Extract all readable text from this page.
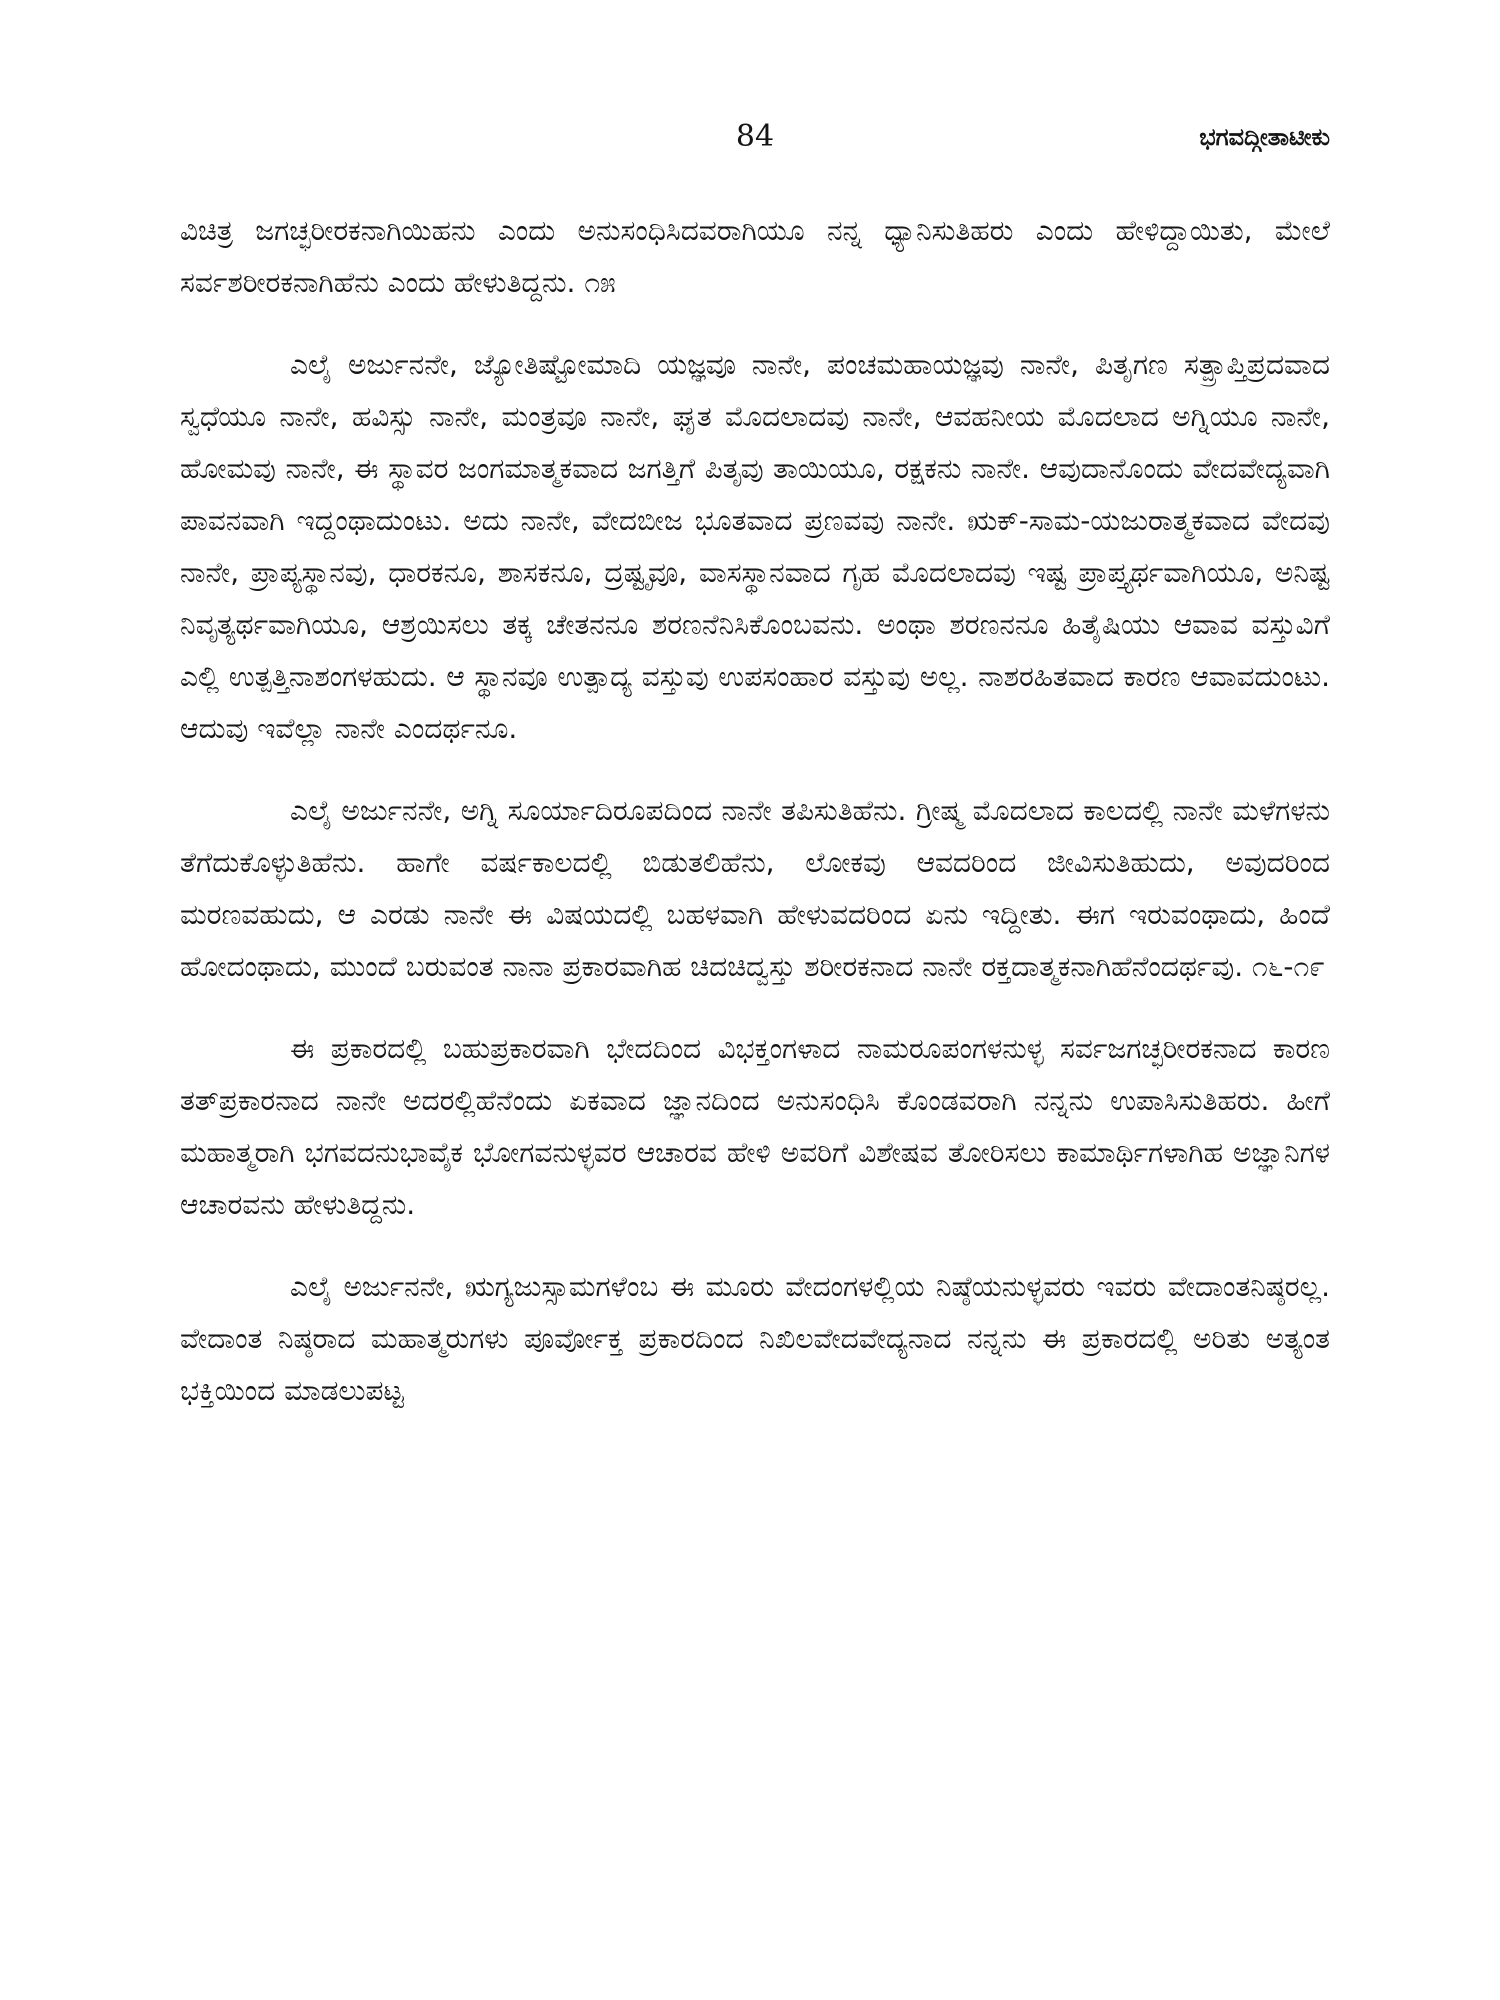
84	ಭಗವದ್ಗೀತಾಟೀಕು

ವಿಚಿತ್ರ ಜಗಚ್ಛರೀರಕನಾಗಿಯಿಹನು ಎಂದು ಅನುಸಂಧಿಸಿದವರಾಗಿಯೂ ನನ್ನ ಧ್ಯಾನಿಸುತಿಹರು ಎಂದು ಹೇಳಿದ್ದಾಯಿತು, ಮೇಲೆ ಸರ್ವಶರೀರಕನಾಗಿಹೆನು ಎಂದು ಹೇಳುತಿದ್ದನು. ೧೫

ಎಲೈ ಅರ್ಜುನನೇ, ಜ್ಯೋತಿಷ್ಟೋಮಾದಿ ಯಜ್ಞವೂ ನಾನೇ, ಪಂಚಮಹಾಯಜ್ಞವು ನಾನೇ, ಪಿತೃಗಣ ಸತ್ಪ್ರಾಪ್ತಿಪ್ರದವಾದ ಸ್ವಧೆಯೂ ನಾನೇ, ಹವಿಸ್ಸು ನಾನೇ, ಮಂತ್ರವೂ ನಾನೇ, ಘೃತ ಮೊದಲಾದವು ನಾನೇ, ಆವಹನೀಯ ಮೊದಲಾದ ಅಗ್ನಿಯೂ ನಾನೇ, ಹೋಮವು ನಾನೇ, ಈ ಸ್ಥಾವರ ಜಂಗಮಾತ್ಮಕವಾದ ಜಗತ್ತಿಗೆ ಪಿತೃವು ತಾಯಿಯೂ, ರಕ್ಷಕನು ನಾನೇ. ಆವುದಾನೊಂದು ವೇದವೇದ್ಯವಾಗಿ ಪಾವನವಾಗಿ ಇದ್ದಂಥಾದುಂಟು. ಅದು ನಾನೇ, ವೇದಬೀಜ ಭೂತವಾದ ಪ್ರಣವವು ನಾನೇ. ಋಕ್-ಸಾಮ-ಯಜುರಾತ್ಮಕವಾದ ವೇದವು ನಾನೇ, ಪ್ರಾಪ್ಯಸ್ಥಾನವು, ಧಾರಕನೂ, ಶಾಸಕನೂ, ದ್ರಷ್ಟೃವೂ, ವಾಸಸ್ಥಾನವಾದ ಗೃಹ ಮೊದಲಾದವು ಇಷ್ಟ ಪ್ರಾಪ್ತ್ಯರ್ಥವಾಗಿಯೂ, ಅನಿಷ್ಟ ನಿವೃತ್ಯರ್ಥವಾಗಿಯೂ, ಆಶ್ರಯಿಸಲು ತಕ್ಕ ಚೇತನನೂ ಶರಣನೆನಿಸಿಕೊಂಬವನು. ಅಂಥಾ ಶರಣನನೂ ಹಿತೈಷಿಯು ಆವಾವ ವಸ್ತುವಿಗೆ ಎಲ್ಲಿ ಉತ್ಪತ್ತಿನಾಶಂಗಳಹುದು. ಆ ಸ್ಥಾನವೂ ಉತ್ಪಾದ್ಯ ವಸ್ತುವು ಉಪಸಂಹಾರ ವಸ್ತುವು ಅಲ್ಲ. ನಾಶರಹಿತವಾದ ಕಾರಣ ಆವಾವದುಂಟು. ಆದುವು ಇವೆಲ್ಲಾ ನಾನೇ ಎಂದರ್ಥನೂ.

ಎಲೈ ಅರ್ಜುನನೇ, ಅಗ್ನಿ ಸೂರ್ಯಾದಿರೂಪದಿಂದ ನಾನೇ ತಪಿಸುತಿಹೆನು. ಗ್ರೀಷ್ಮ ಮೊದಲಾದ ಕಾಲದಲ್ಲಿ ನಾನೇ ಮಳೆಗಳನು ತೆಗೆದುಕೊಳ್ಳುತಿಹೆನು. ಹಾಗೇ ವರ್ಷಕಾಲದಲ್ಲಿ ಬಿಡುತಲಿಹೆನು, ಲೋಕವು ಆವದರಿಂದ ಜೀವಿಸುತಿಹುದು, ಅವುದರಿಂದ ಮರಣವಹುದು, ಆ ಎರಡು ನಾನೇ ಈ ವಿಷಯದಲ್ಲಿ ಬಹಳವಾಗಿ ಹೇಳುವದರಿಂದ ಏನು ಇದ್ದೀತು. ಈಗ ಇರುವಂಥಾದು, ಹಿಂದೆ ಹೋದಂಥಾದು, ಮುಂದೆ ಬರುವಂತ ನಾನಾ ಪ್ರಕಾರವಾಗಿಹ ಚಿದಚಿದ್ವಸ್ತು ಶರೀರಕನಾದ ನಾನೇ ರಕ್ತದಾತ್ಮಕನಾಗಿಹೆನೆಂದರ್ಥವು. ೧೬-೧೯

ಈ ಪ್ರಕಾರದಲ್ಲಿ ಬಹುಪ್ರಕಾರವಾಗಿ ಭೇದದಿಂದ ವಿಭಕ್ತಂಗಳಾದ ನಾಮರೂಪಂಗಳನುಳ್ಳ ಸರ್ವಜಗಚ್ಛರೀರಕನಾದ ಕಾರಣ ತತ್‌ಪ್ರಕಾರನಾದ ನಾನೇ ಅದರಲ್ಲಿಹೆನೆಂದು ಏಕವಾದ ಜ್ಞಾನದಿಂದ ಅನುಸಂಧಿಸಿ ಕೊಂಡವರಾಗಿ ನನ್ನನು ಉಪಾಸಿಸುತಿಹರು. ಹೀಗೆ ಮಹಾತ್ಮರಾಗಿ ಭಗವದನುಭಾವೈಕ ಭೋಗವನುಳ್ಳವರ ಆಚಾರವ ಹೇಳಿ ಅವರಿಗೆ ವಿಶೇಷವ ತೋರಿಸಲು ಕಾಮಾರ್ಥಿಗಳಾಗಿಹ ಅಜ್ಞಾನಿಗಳ ಆಚಾರವನು ಹೇಳುತಿದ್ದನು.

ಎಲೈ ಅರ್ಜುನನೇ, ಋಗ್ಯಜುಸ್ಸಾಮಗಳೆಂಬ ಈ ಮೂರು ವೇದಂಗಳಲ್ಲಿಯ ನಿಷ್ಠೆಯನುಳ್ಳವರು ಇವರು ವೇದಾಂತನಿಷ್ಠರಲ್ಲ. ವೇದಾಂತ ನಿಷ್ಠರಾದ ಮಹಾತ್ಮರುಗಳು ಪೂರ್ವೋಕ್ತ ಪ್ರಕಾರದಿಂದ ನಿಖಿಲವೇದವೇದ್ಯನಾದ ನನ್ನನು ಈ ಪ್ರಕಾರದಲ್ಲಿ ಅರಿತು ಅತ್ಯಂತ ಭಕ್ತಿಯಿಂದ ಮಾಡಲುಪಟ್ಟ
